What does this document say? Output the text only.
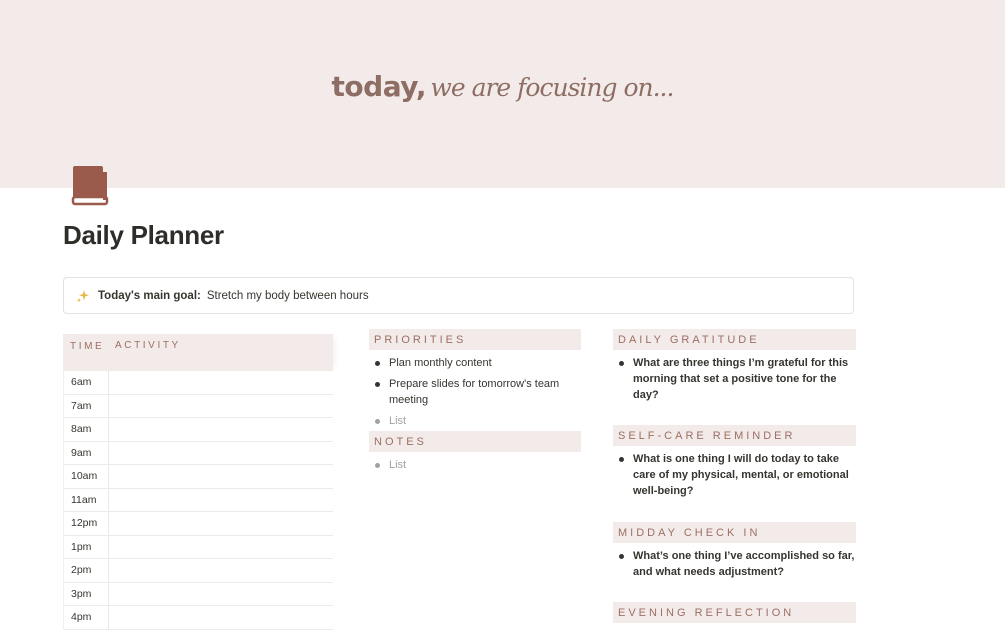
today, we are focusing on...
Daily Planner
Today's main goal: Stretch my body between hours
TIME ACTIVITY
6am
7am
8am
9am
10am
11am
12pm
1pm
2pm
3pm
4pm
PRIORITIES
Plan monthly content
Prepare slides for tomorrow's team meeting
List
NOTES
List
DAILY GRATITUDE
What are three things I’m grateful for this morning that set a positive tone for the day?
SELF-CARE REMINDER
What is one thing I will do today to take care of my physical, mental, or emotional well-being?
MIDDAY CHECK IN
What’s one thing I’ve accomplished so far, and what needs adjustment?
EVENING REFLECTION
